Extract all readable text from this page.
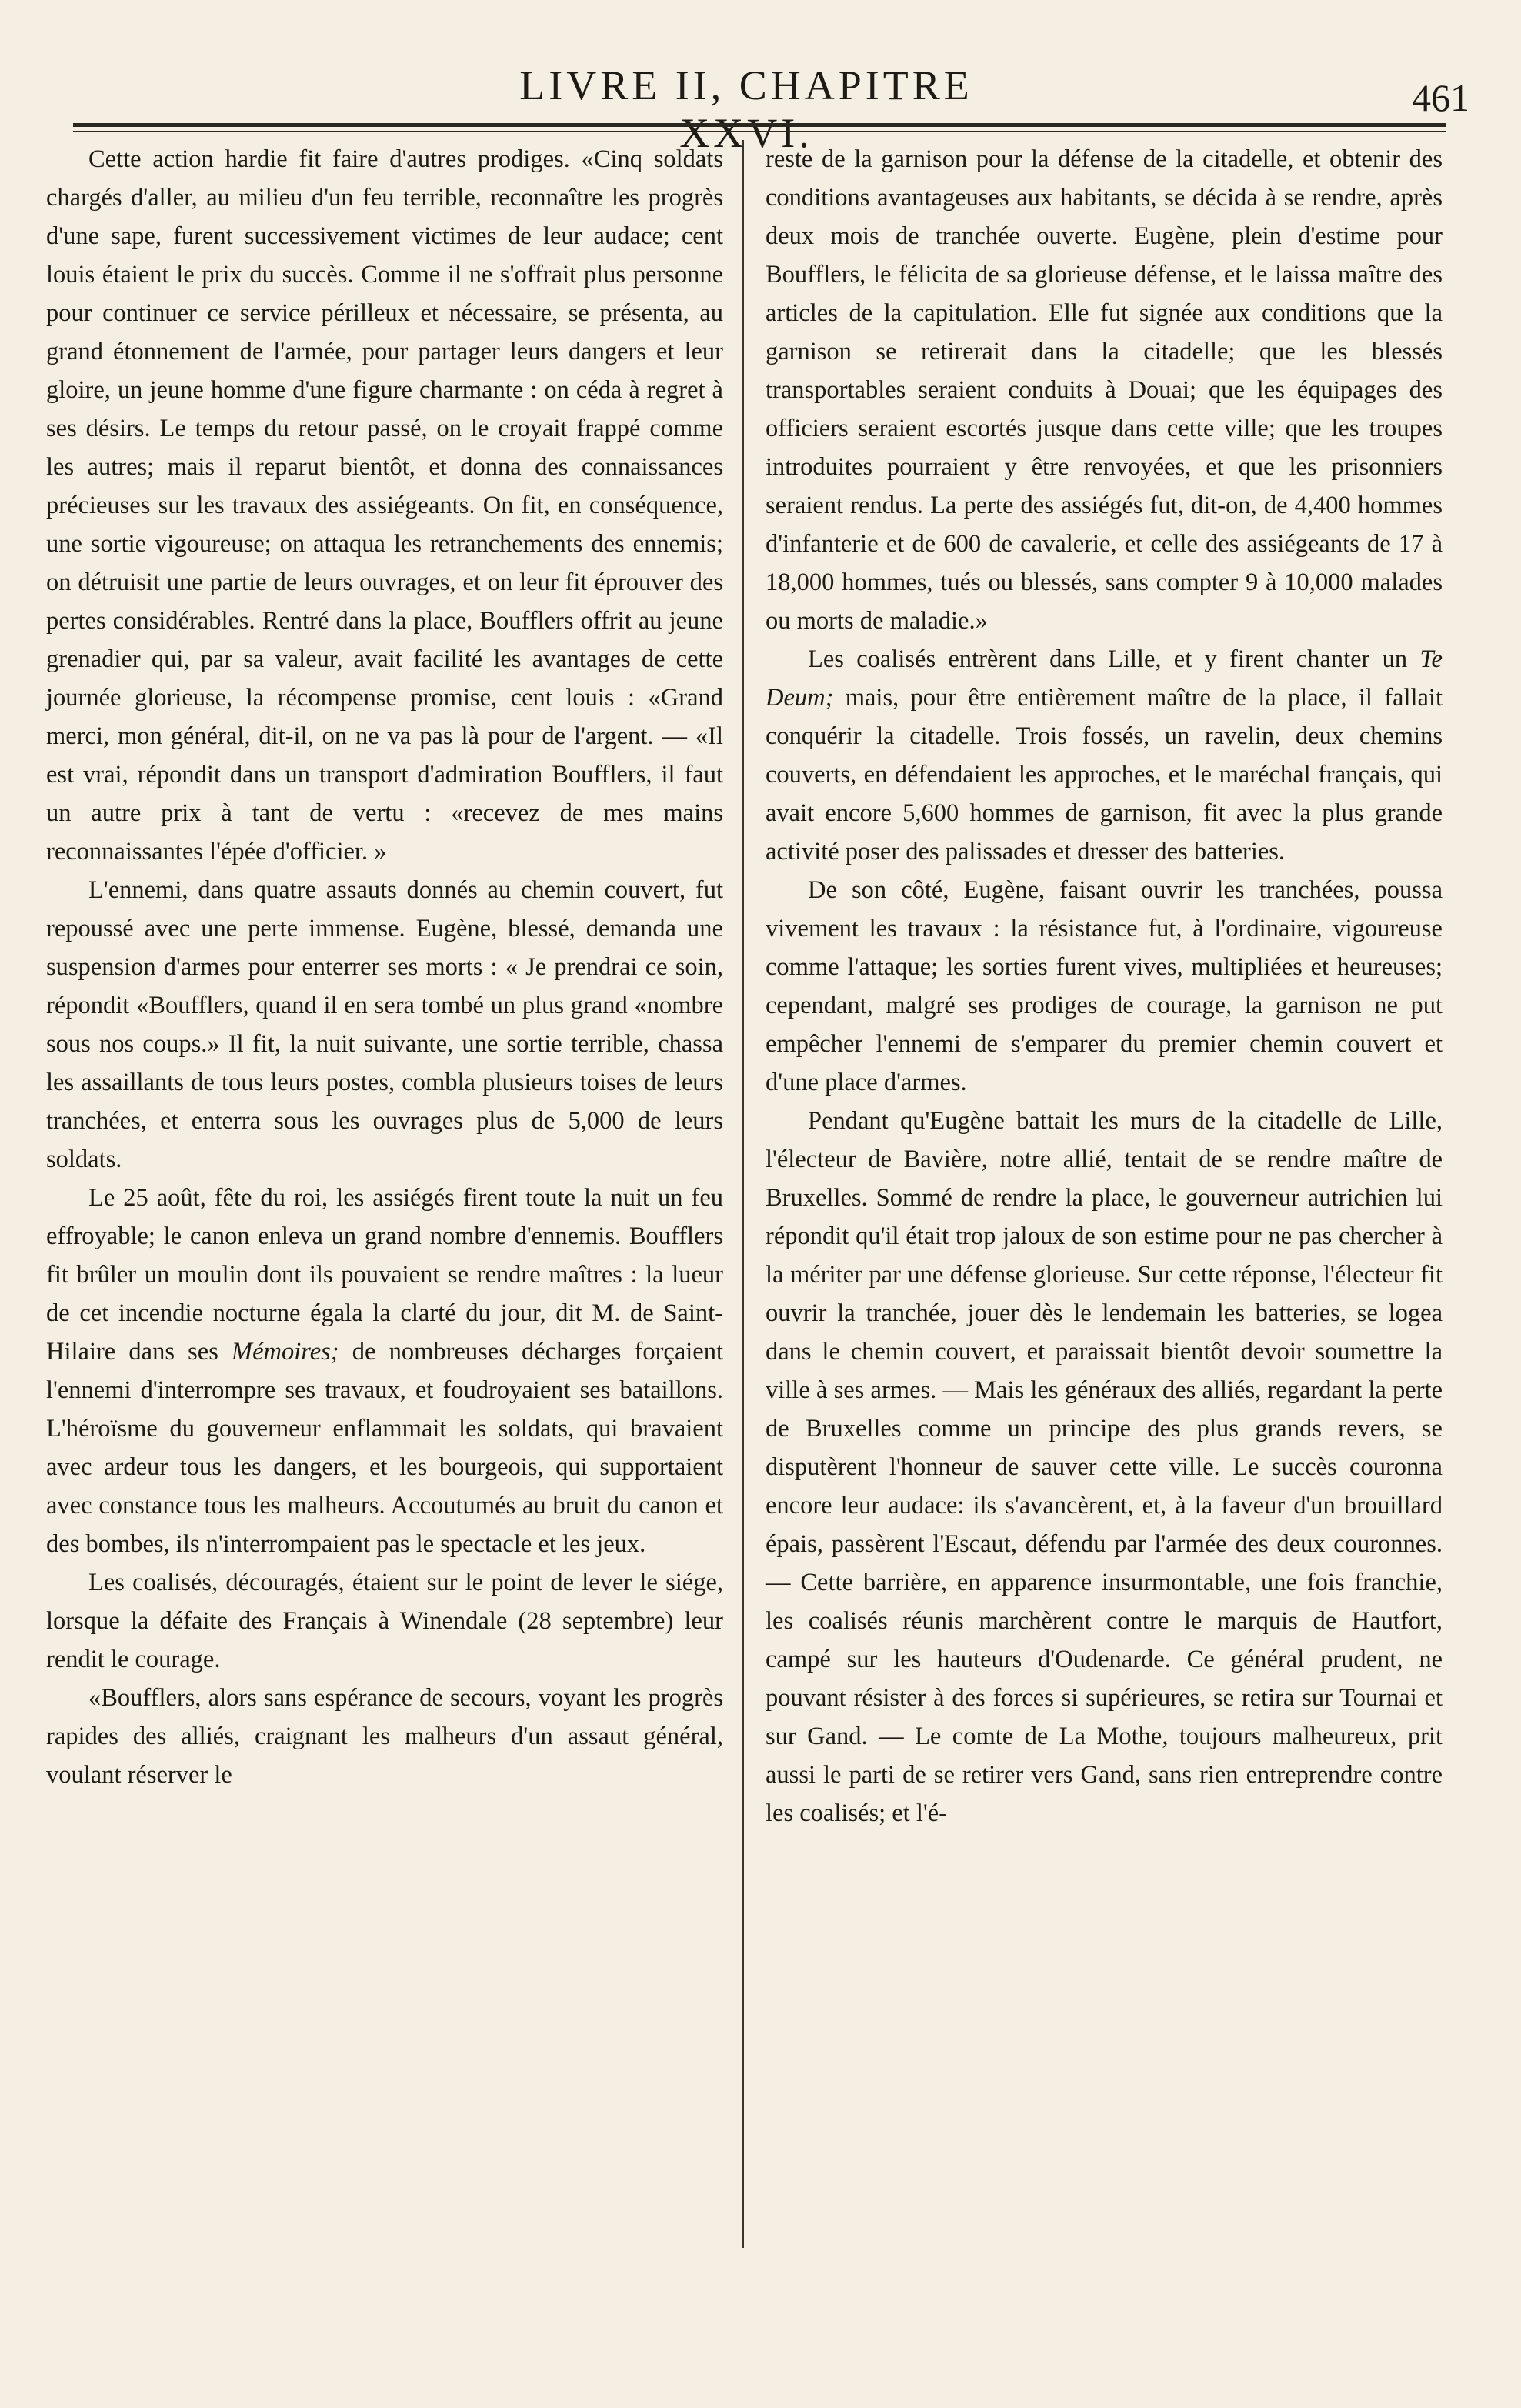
LIVRE II, CHAPITRE XXVI.
461

Cette action hardie fit faire d'autres prodiges. «Cinq soldats chargés d'aller, au milieu d'un feu terrible, reconnaître les progrès d'une sape, furent successivement victimes de leur audace; cent louis étaient le prix du succès. Comme il ne s'offrait plus personne pour continuer ce service périlleux et nécessaire, se présenta, au grand étonnement de l'armée, pour partager leurs dangers et leur gloire, un jeune homme d'une figure charmante : on céda à regret à ses désirs. Le temps du retour passé, on le croyait frappé comme les autres; mais il reparut bientôt, et donna des connaissances précieuses sur les travaux des assiégeants. On fit, en conséquence, une sortie vigoureuse; on attaqua les retranchements des ennemis; on détruisit une partie de leurs ouvrages, et on leur fit éprouver des pertes considérables. Rentré dans la place, Boufflers offrit au jeune grenadier qui, par sa valeur, avait facilité les avantages de cette journée glorieuse, la récompense promise, cent louis : «Grand merci, mon général, dit-il, on ne va pas là pour de l'argent. — «Il est vrai, répondit dans un transport d'admiration Boufflers, il faut un autre prix à tant de vertu : «recevez de mes mains reconnaissantes l'épée d'officier. »

L'ennemi, dans quatre assauts donnés au chemin couvert, fut repoussé avec une perte immense. Eugène, blessé, demanda une suspension d'armes pour enterrer ses morts : « Je prendrai ce soin, répondit «Boufflers, quand il en sera tombé un plus grand «nombre sous nos coups.» Il fit, la nuit suivante, une sortie terrible, chassa les assaillants de tous leurs postes, combla plusieurs toises de leurs tranchées, et enterra sous les ouvrages plus de 5,000 de leurs soldats.

Le 25 août, fête du roi, les assiégés firent toute la nuit un feu effroyable; le canon enleva un grand nombre d'ennemis. Boufflers fit brûler un moulin dont ils pouvaient se rendre maîtres : la lueur de cet incendie nocturne égala la clarté du jour, dit M. de Saint-Hilaire dans ses Mémoires; de nombreuses décharges forçaient l'ennemi d'interrompre ses travaux, et foudroyaient ses bataillons. L'héroïsme du gouverneur enflammait les soldats, qui bravaient avec ardeur tous les dangers, et les bourgeois, qui supportaient avec constance tous les malheurs. Accoutumés au bruit du canon et des bombes, ils n'interrompaient pas le spectacle et les jeux.

Les coalisés, découragés, étaient sur le point de lever le siége, lorsque la défaite des Français à Winendale (28 septembre) leur rendit le courage.

«Boufflers, alors sans espérance de secours, voyant les progrès rapides des alliés, craignant les malheurs d'un assaut général, voulant réserver le

reste de la garnison pour la défense de la citadelle, et obtenir des conditions avantageuses aux habitants, se décida à se rendre, après deux mois de tranchée ouverte. Eugène, plein d'estime pour Boufflers, le félicita de sa glorieuse défense, et le laissa maître des articles de la capitulation. Elle fut signée aux conditions que la garnison se retirerait dans la citadelle; que les blessés transportables seraient conduits à Douai; que les équipages des officiers seraient escortés jusque dans cette ville; que les troupes introduites pourraient y être renvoyées, et que les prisonniers seraient rendus. La perte des assiégés fut, dit-on, de 4,400 hommes d'infanterie et de 600 de cavalerie, et celle des assiégeants de 17 à 18,000 hommes, tués ou blessés, sans compter 9 à 10,000 malades ou morts de maladie.»

Les coalisés entrèrent dans Lille, et y firent chanter un Te Deum; mais, pour être entièrement maître de la place, il fallait conquérir la citadelle. Trois fossés, un ravelin, deux chemins couverts, en défendaient les approches, et le maréchal français, qui avait encore 5,600 hommes de garnison, fit avec la plus grande activité poser des palissades et dresser des batteries.

De son côté, Eugène, faisant ouvrir les tranchées, poussa vivement les travaux : la résistance fut, à l'ordinaire, vigoureuse comme l'attaque; les sorties furent vives, multipliées et heureuses; cependant, malgré ses prodiges de courage, la garnison ne put empêcher l'ennemi de s'emparer du premier chemin couvert et d'une place d'armes.

Pendant qu'Eugène battait les murs de la citadelle de Lille, l'électeur de Bavière, notre allié, tentait de se rendre maître de Bruxelles. Sommé de rendre la place, le gouverneur autrichien lui répondit qu'il était trop jaloux de son estime pour ne pas chercher à la mériter par une défense glorieuse. Sur cette réponse, l'électeur fit ouvrir la tranchée, jouer dès le lendemain les batteries, se logea dans le chemin couvert, et paraissait bientôt devoir soumettre la ville à ses armes. — Mais les généraux des alliés, regardant la perte de Bruxelles comme un principe des plus grands revers, se disputèrent l'honneur de sauver cette ville. Le succès couronna encore leur audace: ils s'avancèrent, et, à la faveur d'un brouillard épais, passèrent l'Escaut, défendu par l'armée des deux couronnes. — Cette barrière, en apparence insurmontable, une fois franchie, les coalisés réunis marchèrent contre le marquis de Hautfort, campé sur les hauteurs d'Oudenarde. Ce général prudent, ne pouvant résister à des forces si supérieures, se retira sur Tournai et sur Gand. — Le comte de La Mothe, toujours malheureux, prit aussi le parti de se retirer vers Gand, sans rien entreprendre contre les coalisés; et l'é-
